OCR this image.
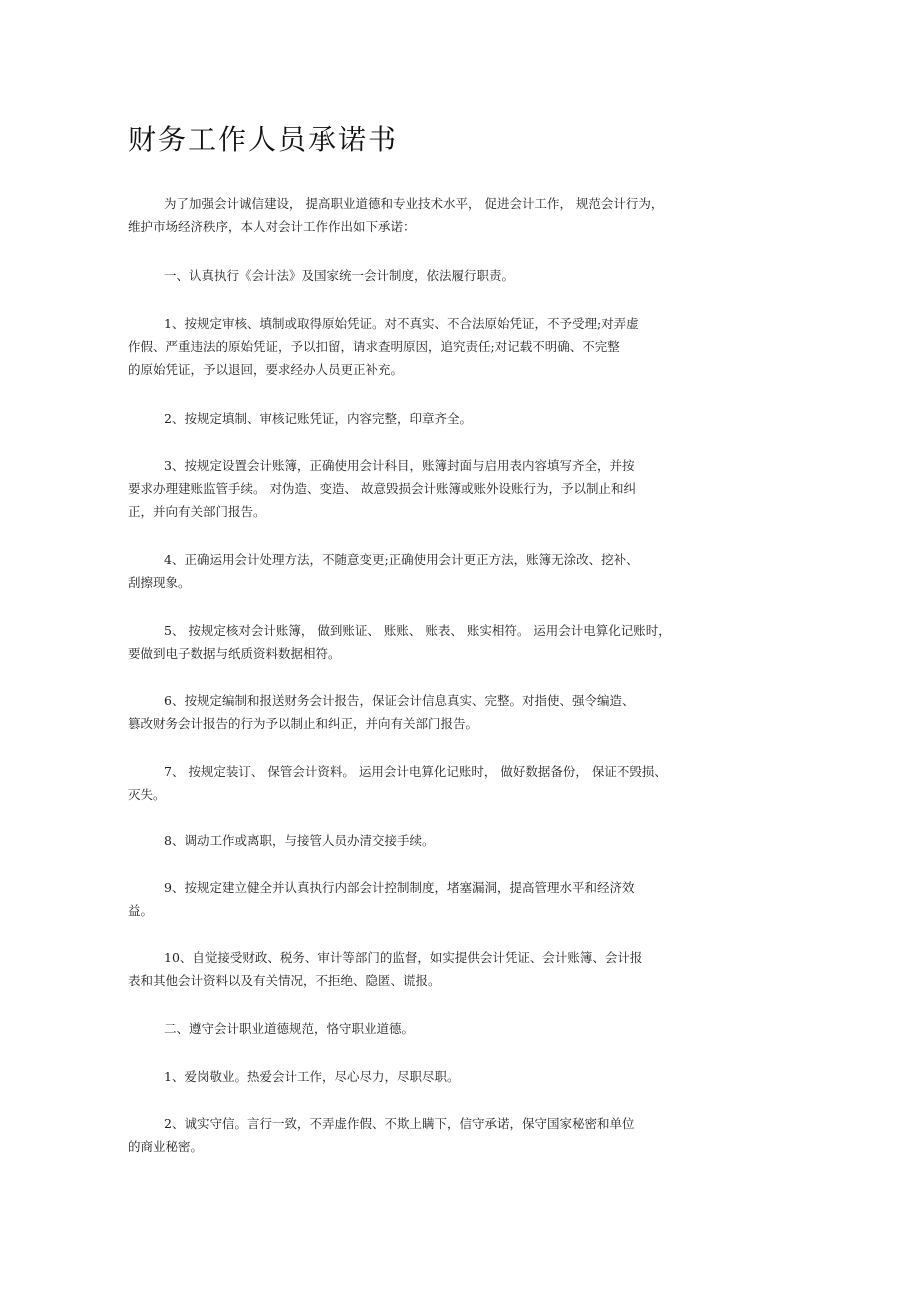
财务工作人员承诺书
为了加强会计诚信建设， 提高职业道德和专业技术水平， 促进会计工作， 规范会计行为，
维护市场经济秩序，本人对会计工作作出如下承诺：
一、认真执行《会计法》及国家统一会计制度，依法履行职责。
1、按规定审核、填制或取得原始凭证。对不真实、不合法原始凭证，不予受理;对弄虚
作假、严重违法的原始凭证，予以扣留，请求查明原因，追究责任;对记载不明确、不完整
的原始凭证，予以退回，要求经办人员更正补充。
2、按规定填制、审核记账凭证，内容完整，印章齐全。
3、按规定设置会计账簿，正确使用会计科目，账簿封面与启用表内容填写齐全，并按
要求办理建账监管手续。 对伪造、变造、 故意毁损会计账簿或账外设账行为，予以制止和纠
正，并向有关部门报告。
4、正确运用会计处理方法，不随意变更;正确使用会计更正方法，账簿无涂改、挖补、
刮擦现象。
5、 按规定核对会计账簿， 做到账证、 账账、 账表、 账实相符。 运用会计电算化记账时，
要做到电子数据与纸质资料数据相符。
6、按规定编制和报送财务会计报告，保证会计信息真实、完整。对指使、强令编造、
篡改财务会计报告的行为予以制止和纠正，并向有关部门报告。
7、 按规定装订、 保管会计资料。 运用会计电算化记账时， 做好数据备份， 保证不毁损、
灭失。
8、调动工作或离职，与接管人员办清交接手续。
9、按规定建立健全并认真执行内部会计控制制度，堵塞漏洞，提高管理水平和经济效
益。
10、自觉接受财政、税务、审计等部门的监督，如实提供会计凭证、会计账簿、会计报
表和其他会计资料以及有关情况，不拒绝、隐匿、谎报。
二、遵守会计职业道德规范，恪守职业道德。
1、爱岗敬业。热爱会计工作，尽心尽力，尽职尽职。
2、诚实守信。言行一致，不弄虚作假、不欺上瞒下，信守承诺，保守国家秘密和单位
的商业秘密。
